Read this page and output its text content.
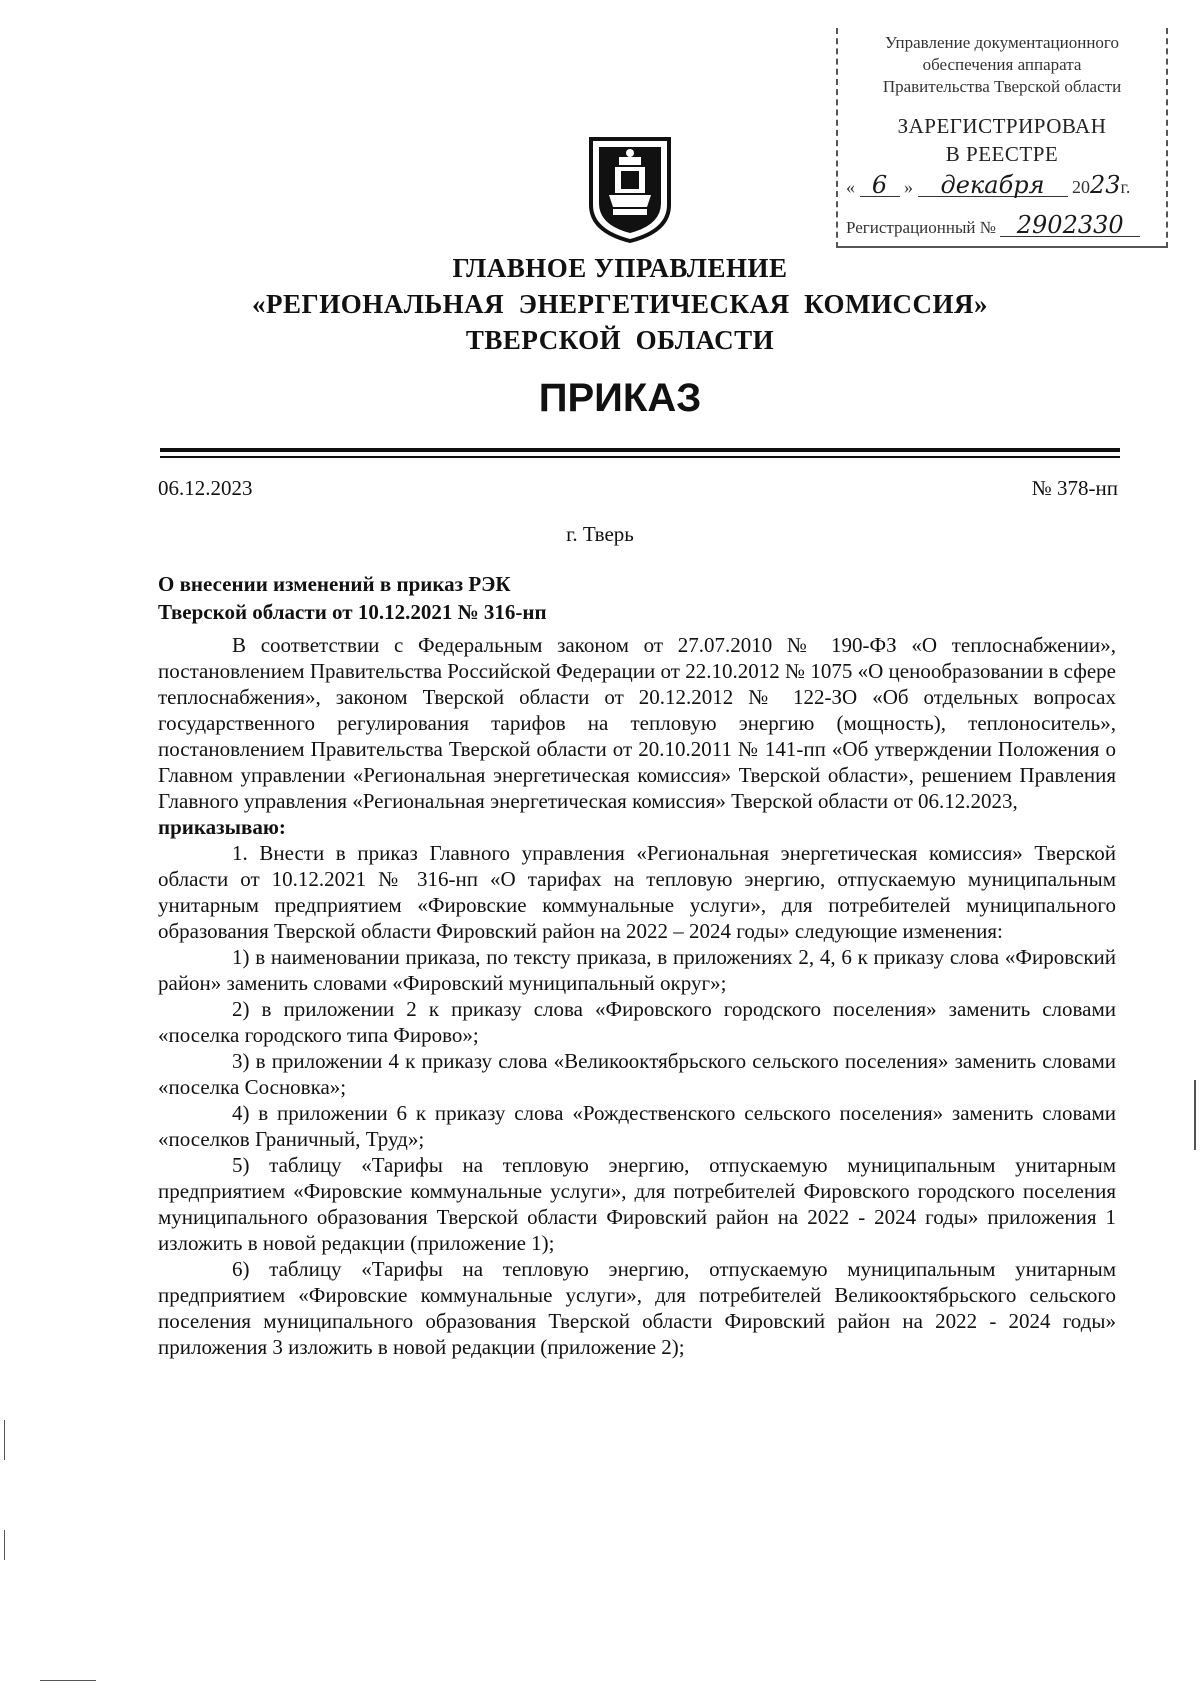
Управление документационного
обеспечения аппарата
Правительства Тверской области
ЗАРЕГИСТРИРОВАН
В РЕЕСТРЕ
« 6 » декабря 2023г.
Регистрационный № 2902330
ГЛАВНОЕ УПРАВЛЕНИЕ
«РЕГИОНАЛЬНАЯ  ЭНЕРГЕТИЧЕСКАЯ  КОМИССИЯ»
ТВЕРСКОЙ  ОБЛАСТИ
ПРИКАЗ
06.12.2023	№ 378-нп
г. Тверь
О внесении изменений в приказ РЭК
Тверской области от 10.12.2021 № 316-нп

В соответствии с Федеральным законом от 27.07.2010 № 190-ФЗ «О теплоснабжении», постановлением Правительства Российской Федерации от 22.10.2012 № 1075 «О ценообразовании в сфере теплоснабжения», законом Тверской области от 20.12.2012 № 122-ЗО «Об отдельных вопросах государственного регулирования тарифов на тепловую энергию (мощность), теплоноситель», постановлением Правительства Тверской области от 20.10.2011 № 141-пп «Об утверждении Положения о Главном управлении «Региональная энергетическая комиссия» Тверской области», решением Правления Главного управления «Региональная энергетическая комиссия» Тверской области от 06.12.2023,

приказываю:

1. Внести в приказ Главного управления «Региональная энергетическая комиссия» Тверской области от 10.12.2021 № 316-нп «О тарифах на тепловую энергию, отпускаемую муниципальным унитарным предприятием «Фировские коммунальные услуги», для потребителей муниципального образования Тверской области Фировский район на 2022 – 2024 годы» следующие изменения:

1) в наименовании приказа, по тексту приказа, в приложениях 2, 4, 6 к приказу слова «Фировский район» заменить словами «Фировский муниципальный округ»;

2) в приложении 2 к приказу слова «Фировского городского поселения» заменить словами «поселка городского типа Фирово»;

3) в приложении 4 к приказу слова «Великооктябрьского сельского поселения» заменить словами «поселка Сосновка»;

4) в приложении 6 к приказу слова «Рождественского сельского поселения» заменить словами «поселков Граничный, Труд»;

5) таблицу «Тарифы на тепловую энергию, отпускаемую муниципальным унитарным предприятием «Фировские коммунальные услуги», для потребителей Фировского городского поселения муниципального образования Тверской области Фировский район на 2022 - 2024 годы» приложения 1 изложить в новой редакции (приложение 1);

6) таблицу «Тарифы на тепловую энергию, отпускаемую муниципальным унитарным предприятием «Фировские коммунальные услуги», для потребителей Великооктябрьского сельского поселения муниципального образования Тверской области Фировский район на 2022 - 2024 годы» приложения 3 изложить в новой редакции (приложение 2);
